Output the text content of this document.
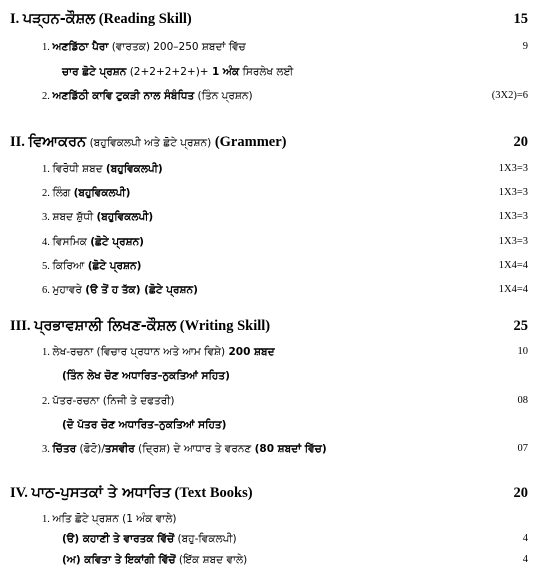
I. ਪੜ੍ਹਨ-ਕੌਸ਼ਲ (Reading Skill)	15
1. ਅਣਡਿੱਠਾ ਪੈਰਾ (ਵਾਰਤਕ) 200–250 ਸ਼ਬਦਾਂ ਵਿੱਚ	9
ਚਾਰ ਛੋਟੇ ਪ੍ਰਸ਼ਨ (2+2+2+2+)+ 1 ਅੰਕ ਸਿਰਲੇਖ ਲਈ
2. ਅਣਡਿੱਠੀ ਕਾਵਿ ਟੁਕੜੀ ਨਾਲ ਸੰਬੰਧਿਤ (ਤਿੰਨ ਪ੍ਰਸ਼ਨ)	(3X2)=6
II. ਵਿਆਕਰਨ (ਬਹੁਵਿਕਲਪੀ ਅਤੇ ਛੋਟੇ ਪ੍ਰਸ਼ਨ) (Grammer)	20
1. ਵਿਰੋਧੀ ਸ਼ਬਦ (ਬਹੁਵਿਕਲਪੀ)	1X3=3
2. ਲਿੰਗ (ਬਹੁਵਿਕਲਪੀ)	1X3=3
3. ਸ਼ਬਦ ਸ਼ੁੱਧੀ (ਬਹੁਵਿਕਲਪੀ)	1X3=3
4. ਵਿਸਮਿਕ (ਛੋਟੇ ਪ੍ਰਸ਼ਨ)	1X3=3
5. ਕਿਰਿਆ (ਛੋਟੇ ਪ੍ਰਸ਼ਨ)	1X4=4
6. ਮੁਹਾਵਰੇ (ੳ ਤੋਂ ਹ ਤੱਕ) (ਛੋਟੇ ਪ੍ਰਸ਼ਨ)	1X4=4
III. ਪ੍ਰਭਾਵਸ਼ਾਲੀ ਲਿਖਣ-ਕੌਸ਼ਲ (Writing Skill)	25
1. ਲੇਖ-ਰਚਨਾ (ਵਿਚਾਰ ਪ੍ਰਧਾਨ ਅਤੇ ਆਮ ਵਿਸ਼ੇ) 200 ਸ਼ਬਦ	10
(ਤਿੰਨ ਲੇਖ ਚੋਣ ਅਧਾਰਿਤ–ਨੁਕਤਿਆਂ ਸਹਿਤ)
2. ਪੱਤਰ-ਰਚਨਾ (ਨਿਜੀ ਤੇ ਦਫਤਰੀ)	08
(ਦੋ ਪੱਤਰ ਚੋਣ ਅਧਾਰਿਤ–ਨੁਕਤਿਆਂ ਸਹਿਤ)
3. ਚਿੱਤਰ (ਫੋਟੋ)/ਤਸਵੀਰ (ਦ੍ਰਿਸ਼) ਦੇ ਆਧਾਰ ਤੇ ਵਰਨਣ (80 ਸ਼ਬਦਾਂ ਵਿੱਚ)	07
IV. ਪਾਠ-ਪੁਸਤਕਾਂ ਤੇ ਅਧਾਰਿਤ (Text Books)	20
1. ਅਤਿ ਛੋਟੇ ਪ੍ਰਸ਼ਨ (1 ਅੰਕ ਵਾਲੇ)
(ੳ) ਕਹਾਣੀ ਤੇ ਵਾਰਤਕ ਵਿੱਚੋਂ (ਬਹੁ-ਵਿਕਲਪੀ)	4
(ਅ) ਕਵਿਤਾ ਤੇ ਇਕਾਂਗੀ ਵਿੱਚੋਂ (ਇੱਕ ਸ਼ਬਦ ਵਾਲੇ)	4
